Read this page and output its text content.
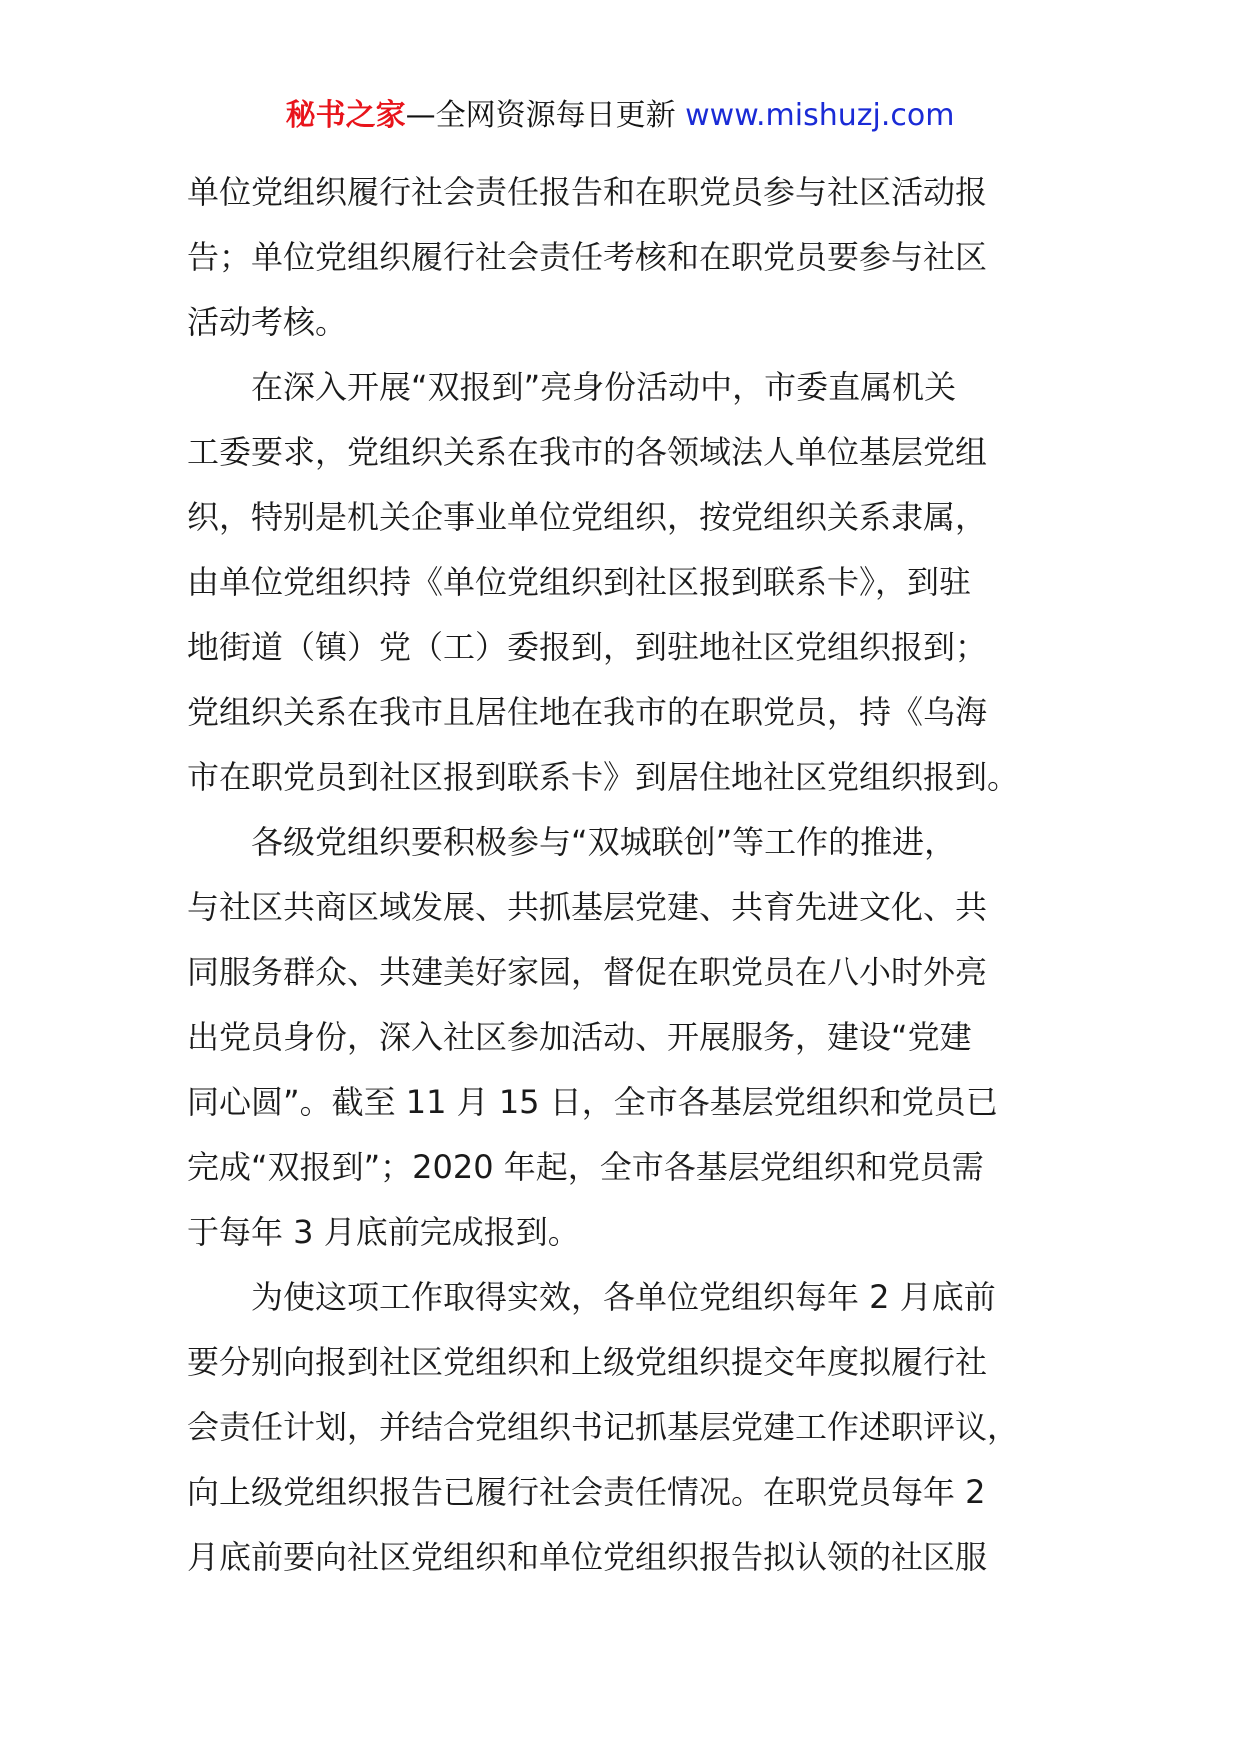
秘书之家—全网资源每日更新 www.mishuzj.com
单位党组织履行社会责任报告和在职党员参与社区活动报
告；单位党组织履行社会责任考核和在职党员要参与社区
活动考核。
　　在深入开展“双报到”亮身份活动中，市委直属机关
工委要求，党组织关系在我市的各领域法人单位基层党组
织，特别是机关企事业单位党组织，按党组织关系隶属，
由单位党组织持《单位党组织到社区报到联系卡》，到驻
地街道（镇）党（工）委报到，到驻地社区党组织报到；
党组织关系在我市且居住地在我市的在职党员，持《乌海
市在职党员到社区报到联系卡》到居住地社区党组织报到。
　　各级党组织要积极参与“双城联创”等工作的推进，
与社区共商区域发展、共抓基层党建、共育先进文化、共
同服务群众、共建美好家园，督促在职党员在八小时外亮
出党员身份，深入社区参加活动、开展服务，建设“党建
同心圆”。截至 11 月 15 日，全市各基层党组织和党员已
完成“双报到”；2020 年起，全市各基层党组织和党员需
于每年 3 月底前完成报到。
　　为使这项工作取得实效，各单位党组织每年 2 月底前
要分别向报到社区党组织和上级党组织提交年度拟履行社
会责任计划，并结合党组织书记抓基层党建工作述职评议，
向上级党组织报告已履行社会责任情况。在职党员每年 2
月底前要向社区党组织和单位党组织报告拟认领的社区服
